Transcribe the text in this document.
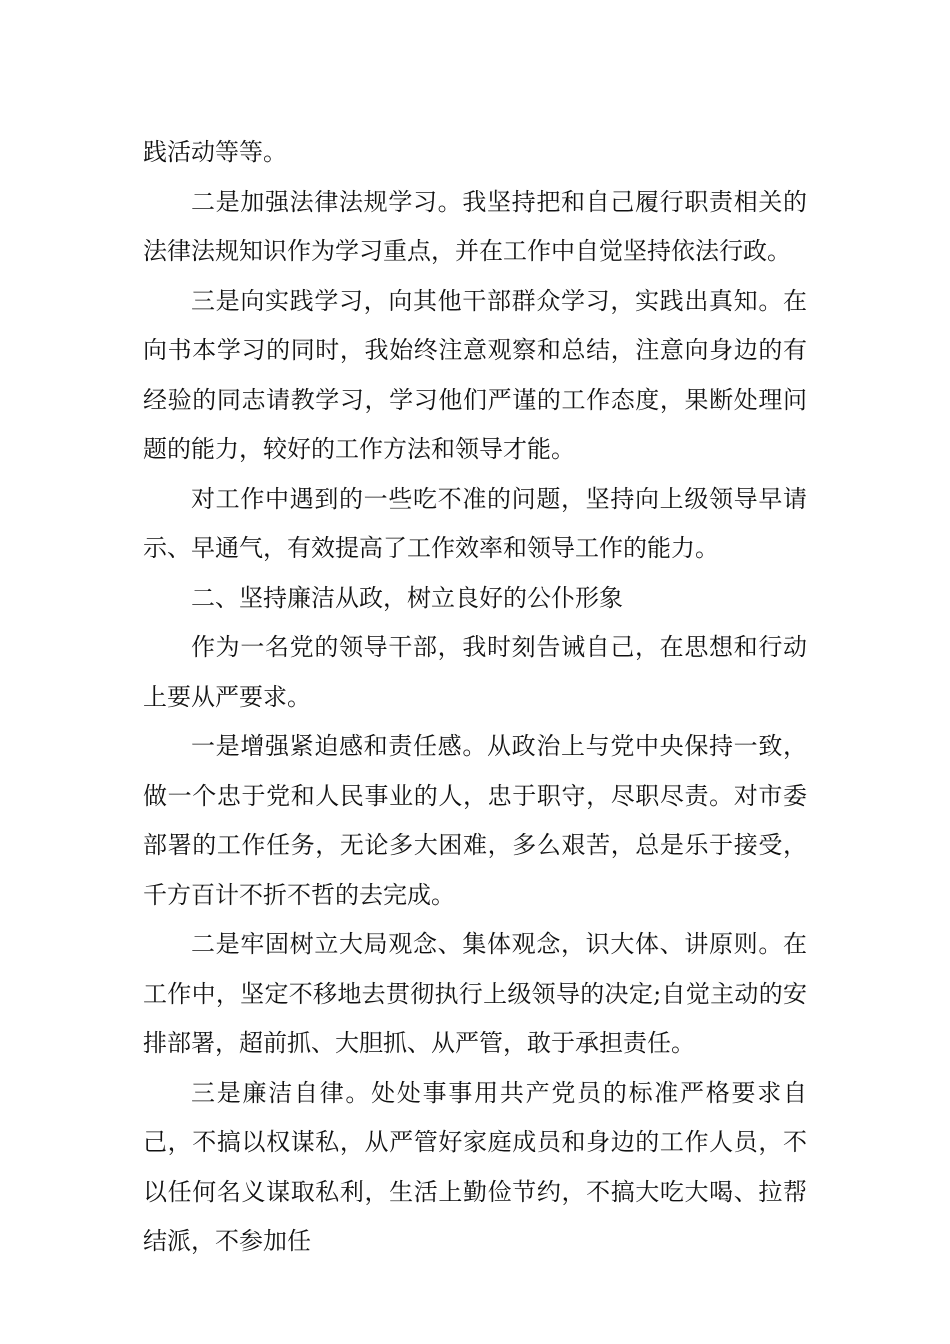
践活动等等。

二是加强法律法规学习。我坚持把和自己履行职责相关的法律法规知识作为学习重点，并在工作中自觉坚持依法行政。

三是向实践学习，向其他干部群众学习，实践出真知。在向书本学习的同时，我始终注意观察和总结，注意向身边的有经验的同志请教学习，学习他们严谨的工作态度，果断处理问题的能力，较好的工作方法和领导才能。

对工作中遇到的一些吃不准的问题，坚持向上级领导早请示、早通气，有效提高了工作效率和领导工作的能力。

二、坚持廉洁从政，树立良好的公仆形象

作为一名党的领导干部，我时刻告诫自己，在思想和行动上要从严要求。

一是增强紧迫感和责任感。从政治上与党中央保持一致，做一个忠于党和人民事业的人，忠于职守，尽职尽责。对市委部署的工作任务，无论多大困难，多么艰苦，总是乐于接受，千方百计不折不哲的去完成。

二是牢固树立大局观念、集体观念，识大体、讲原则。在工作中，坚定不移地去贯彻执行上级领导的决定;自觉主动的安排部署，超前抓、大胆抓、从严管，敢于承担责任。

三是廉洁自律。处处事事用共产党员的标准严格要求自己，不搞以权谋私，从严管好家庭成员和身边的工作人员，不以任何名义谋取私利，生活上勤俭节约，不搞大吃大喝、拉帮结派，不参加任
